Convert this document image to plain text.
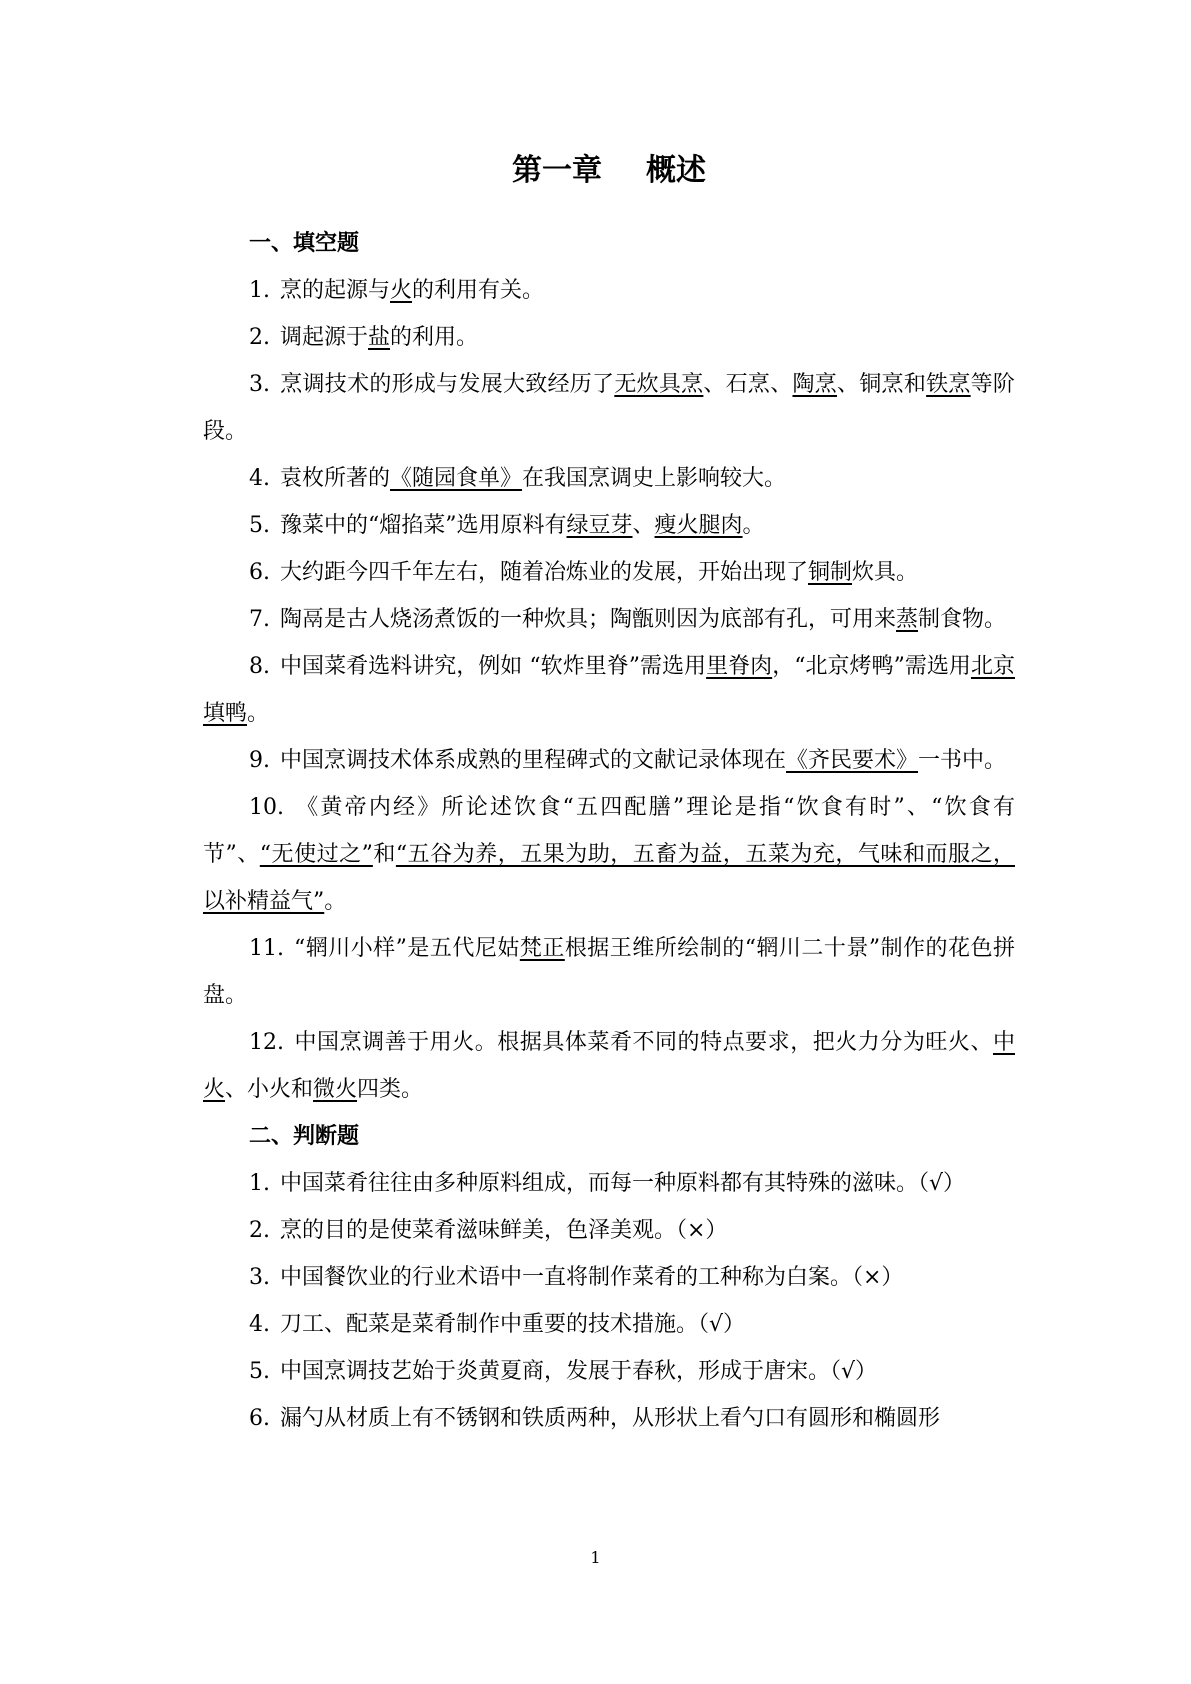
第一章 概述

一、填空题

1. 烹的起源与火的利用有关。

2. 调起源于盐的利用。

3. 烹调技术的形成与发展大致经历了无炊具烹、石烹、陶烹、铜烹和铁烹等阶段。

4. 袁枚所著的《随园食单》在我国烹调史上影响较大。

5. 豫菜中的“熘掐菜”选用原料有绿豆芽、瘦火腿肉。

6. 大约距今四千年左右，随着冶炼业的发展，开始出现了铜制炊具。

7. 陶鬲是古人烧汤煮饭的一种炊具；陶甑则因为底部有孔，可用来蒸制食物。

8. 中国菜肴选料讲究，例如 “软炸里脊”需选用里脊肉，“北京烤鸭”需选用北京填鸭。

9. 中国烹调技术体系成熟的里程碑式的文献记录体现在《齐民要术》一书中。

10. 《黄帝内经》所论述饮食“五四配膳”理论是指“饮食有时”、“饮食有节”、“无使过之”和“五谷为养，五果为助，五畜为益，五菜为充，气味和而服之，以补精益气”。

11. “辋川小样”是五代尼姑梵正根据王维所绘制的“辋川二十景”制作的花色拼盘。

12. 中国烹调善于用火。根据具体菜肴不同的特点要求，把火力分为旺火、中火、小火和微火四类。

二、判断题

1. 中国菜肴往往由多种原料组成，而每一种原料都有其特殊的滋味。（√）

2. 烹的目的是使菜肴滋味鲜美，色泽美观。（×）

3. 中国餐饮业的行业术语中一直将制作菜肴的工种称为白案。（×）

4. 刀工、配菜是菜肴制作中重要的技术措施。（√）

5. 中国烹调技艺始于炎黄夏商，发展于春秋，形成于唐宋。（√）

6. 漏勺从材质上有不锈钢和铁质两种，从形状上看勺口有圆形和椭圆形

1
